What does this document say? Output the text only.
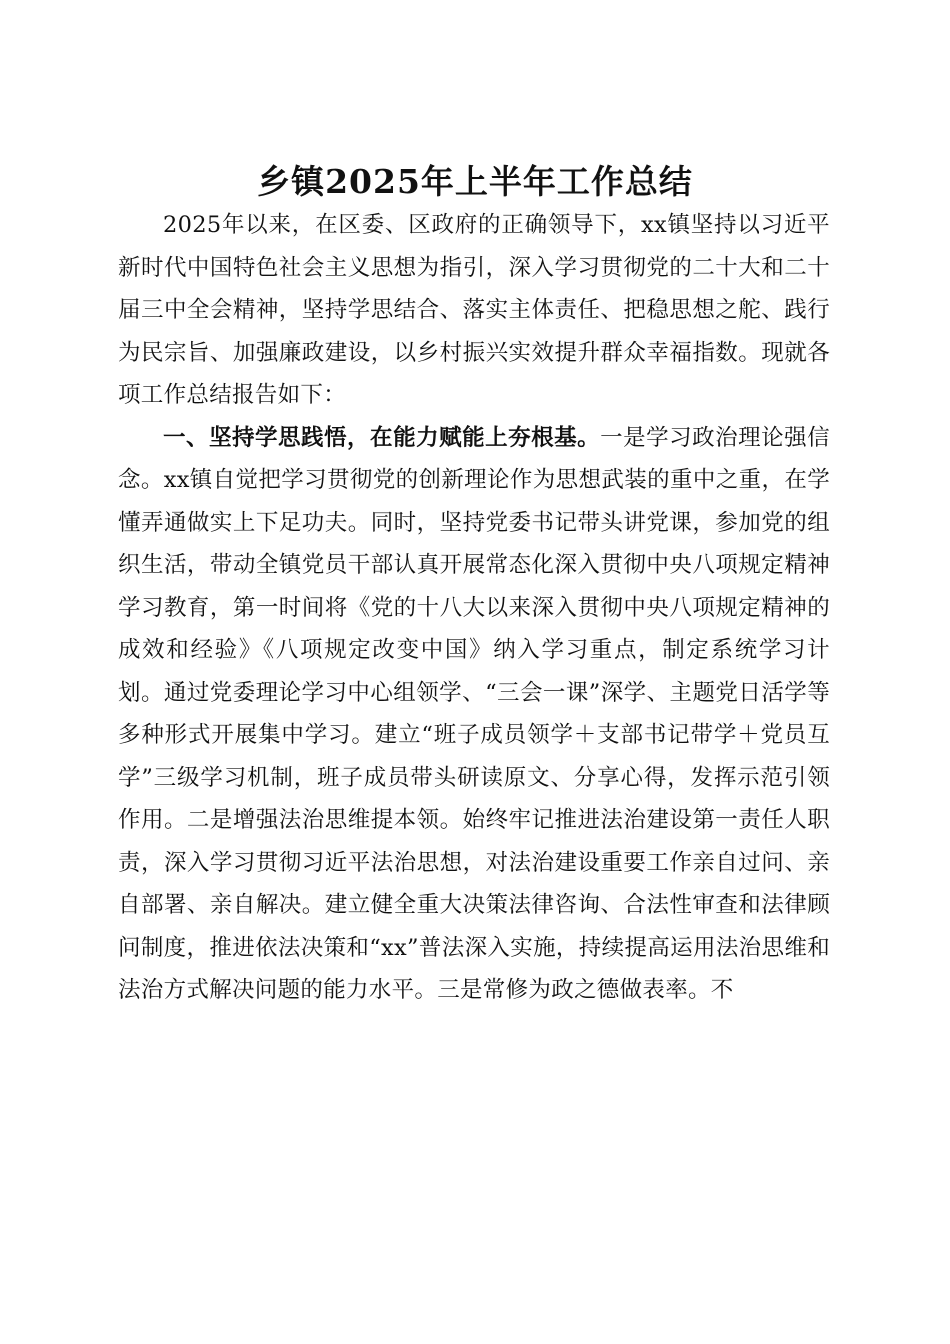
乡镇2025年上半年工作总结

2025年以来，在区委、区政府的正确领导下，xx镇坚持以习近平新时代中国特色社会主义思想为指引，深入学习贯彻党的二十大和二十届三中全会精神，坚持学思结合、落实主体责任、把稳思想之舵、践行为民宗旨、加强廉政建设，以乡村振兴实效提升群众幸福指数。现就各项工作总结报告如下：

一、坚持学思践悟，在能力赋能上夯根基。一是学习政治理论强信念。xx镇自觉把学习贯彻党的创新理论作为思想武装的重中之重，在学懂弄通做实上下足功夫。同时，坚持党委书记带头讲党课，参加党的组织生活，带动全镇党员干部认真开展常态化深入贯彻中央八项规定精神学习教育，第一时间将《党的十八大以来深入贯彻中央八项规定精神的成效和经验》《八项规定改变中国》纳入学习重点，制定系统学习计划。通过党委理论学习中心组领学、“三会一课”深学、主题党日活学等多种形式开展集中学习。建立“班子成员领学＋支部书记带学＋党员互学”三级学习机制，班子成员带头研读原文、分享心得，发挥示范引领作用。二是增强法治思维提本领。始终牢记推进法治建设第一责任人职责，深入学习贯彻习近平法治思想，对法治建设重要工作亲自过问、亲自部署、亲自解决。建立健全重大决策法律咨询、合法性审查和法律顾问制度，推进依法决策和“xx”普法深入实施，持续提高运用法治思维和法治方式解决问题的能力水平。三是常修为政之德做表率。不
